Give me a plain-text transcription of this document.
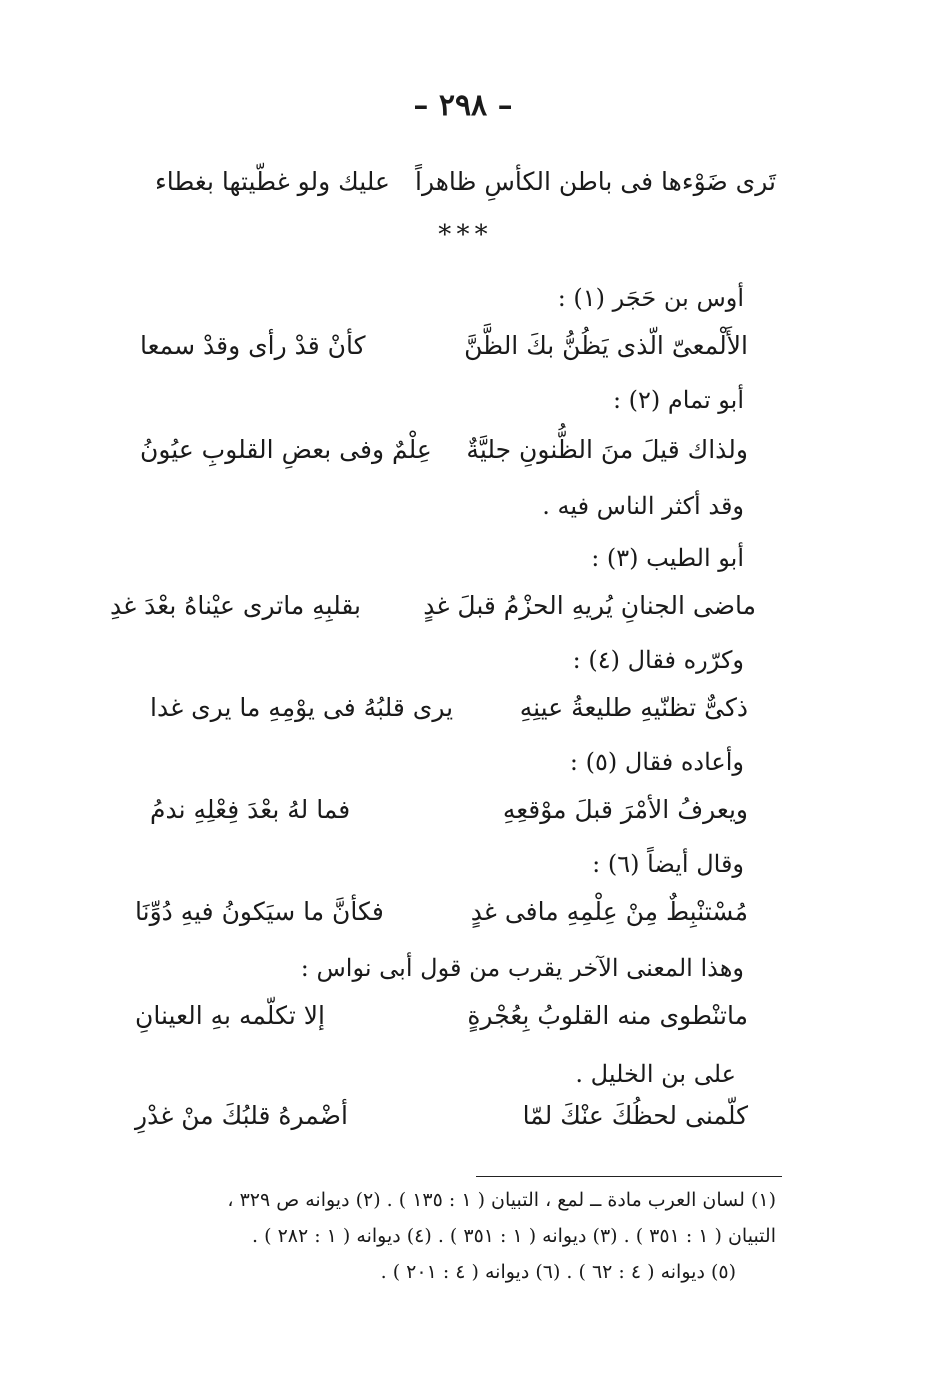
– ٢٩٨ –
تَرى ضَوْءها فى باطن الكأسِ ظاهراً
عليك ولو غطّيتها بغطاء
* * *
أوس بن حَجَر (١) :
الأَلْمعىّ الّذى يَظُنُّ بكَ الظَّنَّ
كأنْ قدْ رأى وقدْ سمعا
أبو تمام (٢) :
ولذاك قيلَ منَ الظُّنونِ جليَّةٌ
عِلْمٌ وفى بعضِ القلوبِ عيُونُ
وقد أكثر الناس فيه .
أبو الطيب (٣) :
ماضى الجنانِ يُريهِ الحزْمُ قبلَ غدٍ
بقلبِهِ ماترى عيْناهُ بعْدَ غدِ
وكرّره فقال (٤) :
ذكىٌّ تظنّيهِ طليعةُ عينِهِ
يرى قلبُهُ فى يوْمِهِ ما يرى غدا
وأعاده فقال (٥) :
ويعرفُ الأمْرَ قبلَ موْقعِهِ
فما لهُ بعْدَ فِعْلِهِ ندمُ
وقال أيضاً (٦) :
مُسْتنْبِطٌ مِنْ عِلْمِهِ مافى غدٍ
فكأنَّ ما سيَكونُ فيهِ دُوِّنَا
وهذا المعنى الآخر يقرب من قول أبى نواس :
ماتنْطوى منه القلوبُ بِعُجْرةٍ
إلا تكلّمه بهِ العينانِ
على بن الخليل .
كلّمنى لحظُكَ عنْكَ لمّا
أضْمرهُ قلبُكَ منْ غدْرِ
(١) لسان العرب مادة ــ لمع ، التبيان ( ١ : ١٣٥ ) . (٢) ديوانه ص ٣٢٩ ،
التبيان ( ١ : ٣٥١ ) . (٣) ديوانه ( ١ : ٣٥١ ) . (٤) ديوانه ( ١ : ٢٨٢ ) .
(٥) ديوانه ( ٤ : ٦٢ ) . (٦) ديوانه ( ٤ : ٢٠١ ) .
